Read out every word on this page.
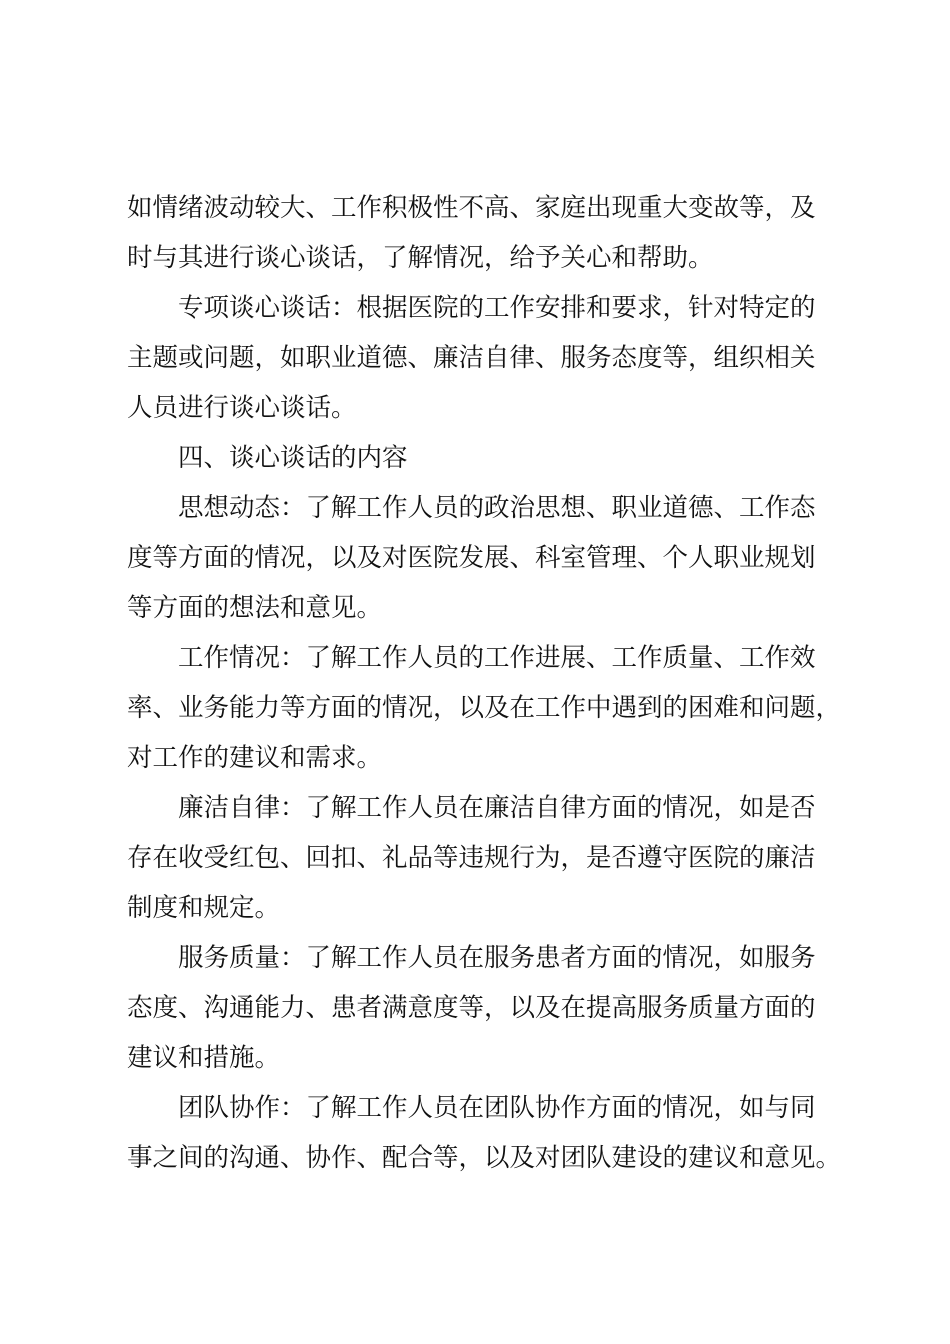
如情绪波动较大、工作积极性不高、家庭出现重大变故等，及
时与其进行谈心谈话，了解情况，给予关心和帮助。
专项谈心谈话：根据医院的工作安排和要求，针对特定的
主题或问题，如职业道德、廉洁自律、服务态度等，组织相关
人员进行谈心谈话。
四、谈心谈话的内容
思想动态：了解工作人员的政治思想、职业道德、工作态
度等方面的情况，以及对医院发展、科室管理、个人职业规划
等方面的想法和意见。
工作情况：了解工作人员的工作进展、工作质量、工作效
率、业务能力等方面的情况，以及在工作中遇到的困难和问题，
对工作的建议和需求。
廉洁自律：了解工作人员在廉洁自律方面的情况，如是否
存在收受红包、回扣、礼品等违规行为，是否遵守医院的廉洁
制度和规定。
服务质量：了解工作人员在服务患者方面的情况，如服务
态度、沟通能力、患者满意度等，以及在提高服务质量方面的
建议和措施。
团队协作：了解工作人员在团队协作方面的情况，如与同
事之间的沟通、协作、配合等，以及对团队建设的建议和意见。
